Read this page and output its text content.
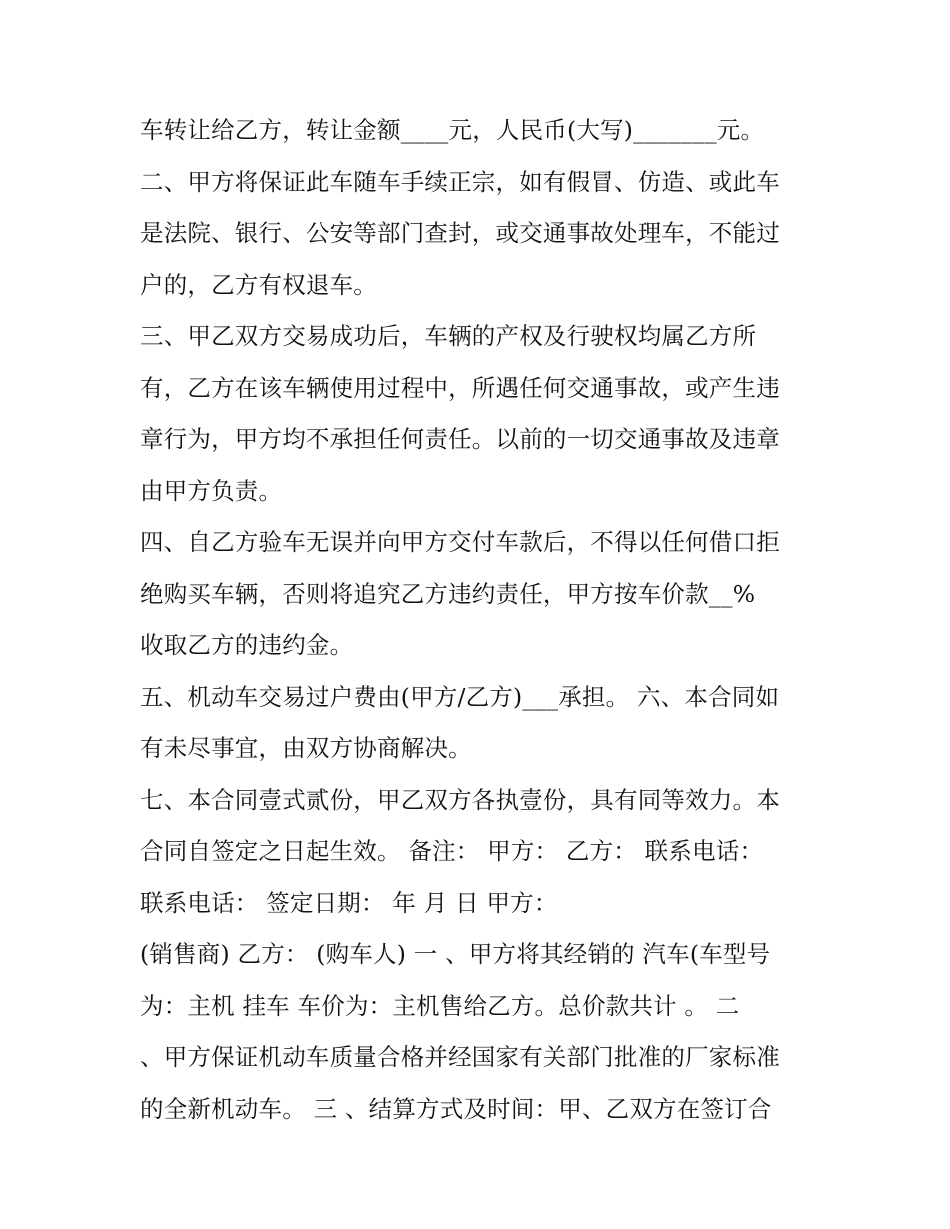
车转让给乙方，转让金额____元，人民币(大写)_______元。
二、甲方将保证此车随车手续正宗，如有假冒、仿造、或此车
是法院、银行、公安等部门查封，或交通事故处理车，不能过
户的，乙方有权退车。
三、甲乙双方交易成功后，车辆的产权及行驶权均属乙方所
有，乙方在该车辆使用过程中，所遇任何交通事故，或产生违
章行为，甲方均不承担任何责任。以前的一切交通事故及违章
由甲方负责。
四、自乙方验车无误并向甲方交付车款后，不得以任何借口拒
绝购买车辆，否则将追究乙方违约责任，甲方按车价款__%
收取乙方的违约金。
五、机动车交易过户费由(甲方/乙方)___承担。 六、本合同如
有未尽事宜，由双方协商解决。
七、本合同壹式贰份，甲乙双方各执壹份，具有同等效力。本
合同自签定之日起生效。 备注： 甲方： 乙方： 联系电话：
联系电话： 签定日期： 年 月 日 甲方：
(销售商) 乙方： (购车人) 一 、甲方将其经销的 汽车(车型号
为：主机 挂车 车价为：主机售给乙方。总价款共计 。 二
、甲方保证机动车质量合格并经国家有关部门批准的厂家标准
的全新机动车。 三 、结算方式及时间：甲、乙双方在签订合
